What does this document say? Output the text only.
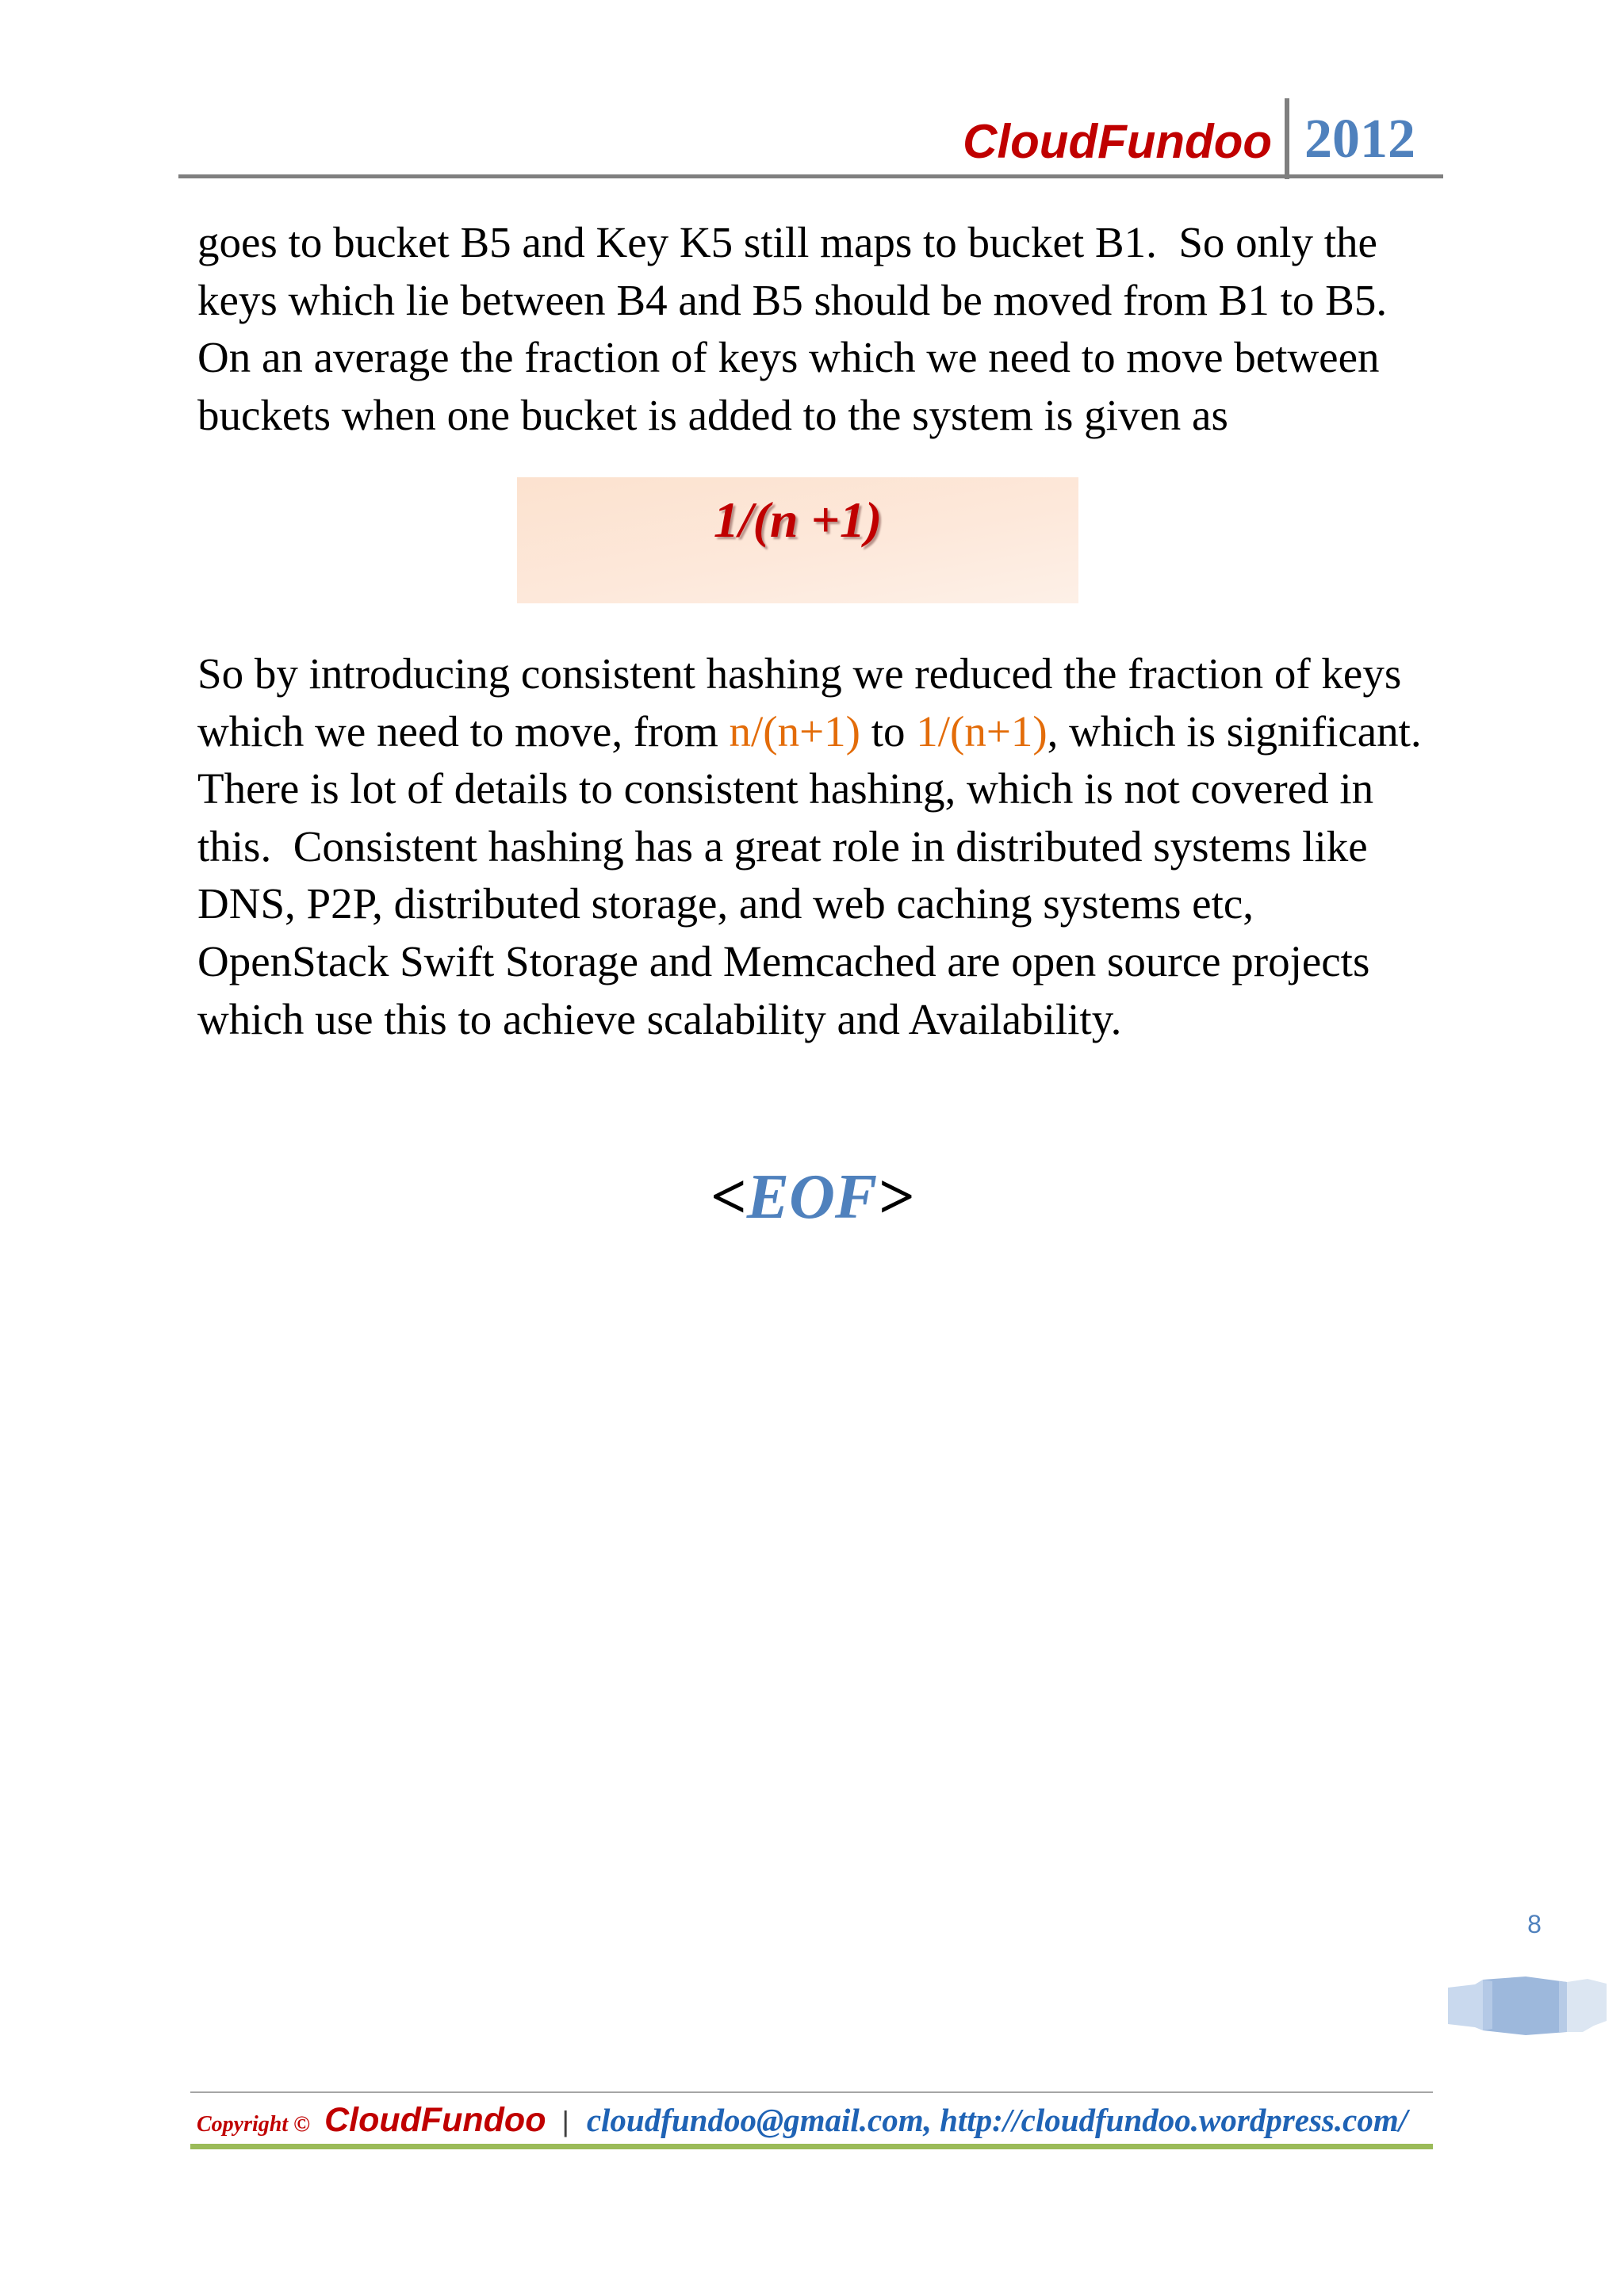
CloudFundoo 2012
goes to bucket B5 and Key K5 still maps to bucket B1.  So only the
keys which lie between B4 and B5 should be moved from B1 to B5.
On an average the fraction of keys which we need to move between
buckets when one bucket is added to the system is given as
1/(n +1)
So by introducing consistent hashing we reduced the fraction of keys
which we need to move, from n/(n+1) to 1/(n+1), which is significant.
There is lot of details to consistent hashing, which is not covered in
this.  Consistent hashing has a great role in distributed systems like
DNS, P2P, distributed storage, and web caching systems etc,
OpenStack Swift Storage and Memcached are open source projects
which use this to achieve scalability and Availability.
<EOF>
8
Copyright © CloudFundoo | cloudfundoo@gmail.com, http://cloudfundoo.wordpress.com/
